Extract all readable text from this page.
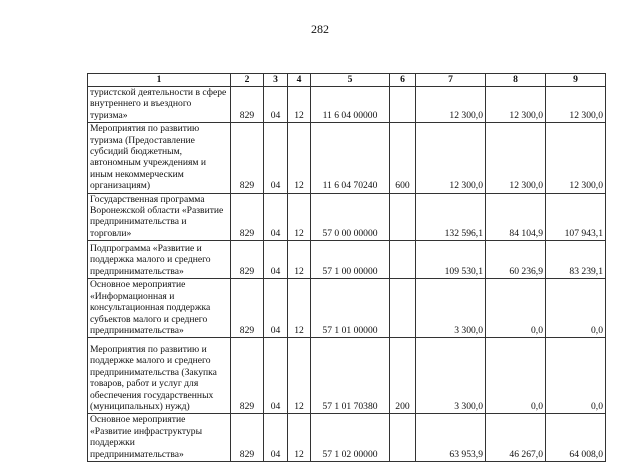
282
1	2	3	4	5	6	7	8	9
туристской деятельности в сфере внутреннего и въездного туризма»	829	04	12	11 6 04 00000		12 300,0	12 300,0	12 300,0
Мероприятия по развитию туризма (Предоставление субсидий бюджетным, автономным учреждениям и иным некоммерческим организациям)	829	04	12	11 6 04 70240	600	12 300,0	12 300,0	12 300,0
Государственная программа Воронежской области «Развитие предпринимательства и торговли»	829	04	12	57 0 00 00000		132 596,1	84 104,9	107 943,1
Подпрограмма «Развитие и поддержка малого и среднего предпринимательства»	829	04	12	57 1 00 00000		109 530,1	60 236,9	83 239,1
Основное мероприятие «Информационная и консультационная поддержка субъектов малого и среднего предпринимательства»	829	04	12	57 1 01 00000		3 300,0	0,0	0,0
Мероприятия по развитию и поддержке малого и среднего предпринимательства (Закупка товаров, работ и услуг для обеспечения государственных (муниципальных) нужд)	829	04	12	57 1 01 70380	200	3 300,0	0,0	0,0
Основное мероприятие «Развитие инфраструктуры поддержки предпринимательства»	829	04	12	57 1 02 00000		63 953,9	46 267,0	64 008,0
